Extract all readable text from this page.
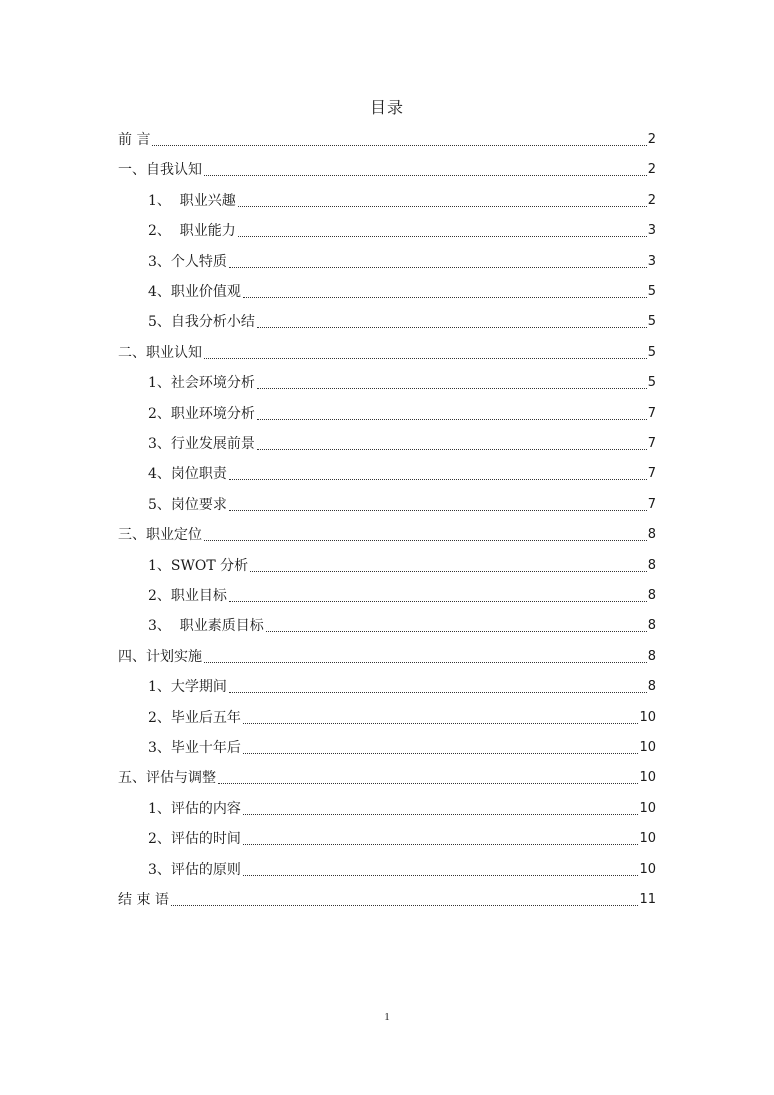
目录
前 言	2
一、自我认知	2
1、  职业兴趣	2
2、  职业能力	3
3、个人特质	3
4、职业价值观	5
5、自我分析小结	5
二、职业认知	5
1、社会环境分析	5
2、职业环境分析	7
3、行业发展前景	7
4、岗位职责	7
5、岗位要求	7
三、职业定位	8
1、SWOT 分析	8
2、职业目标	8
3、  职业素质目标	8
四、计划实施	8
1、大学期间	8
2、毕业后五年	10
3、毕业十年后	10
五、评估与调整	10
1、评估的内容	10
2、评估的时间	10
3、评估的原则	10
结 束 语	11
1
